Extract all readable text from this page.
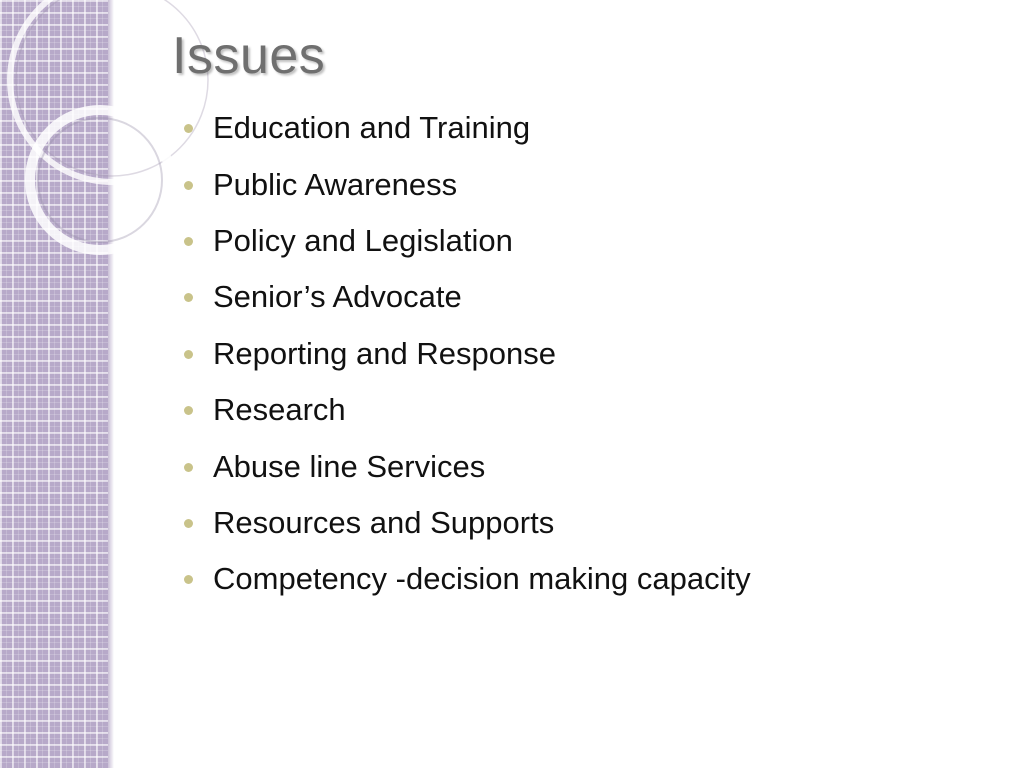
Issues
Education and Training
Public Awareness
Policy and Legislation
Senior’s Advocate
Reporting and Response
Research
Abuse line Services
Resources and Supports
Competency -decision making capacity
